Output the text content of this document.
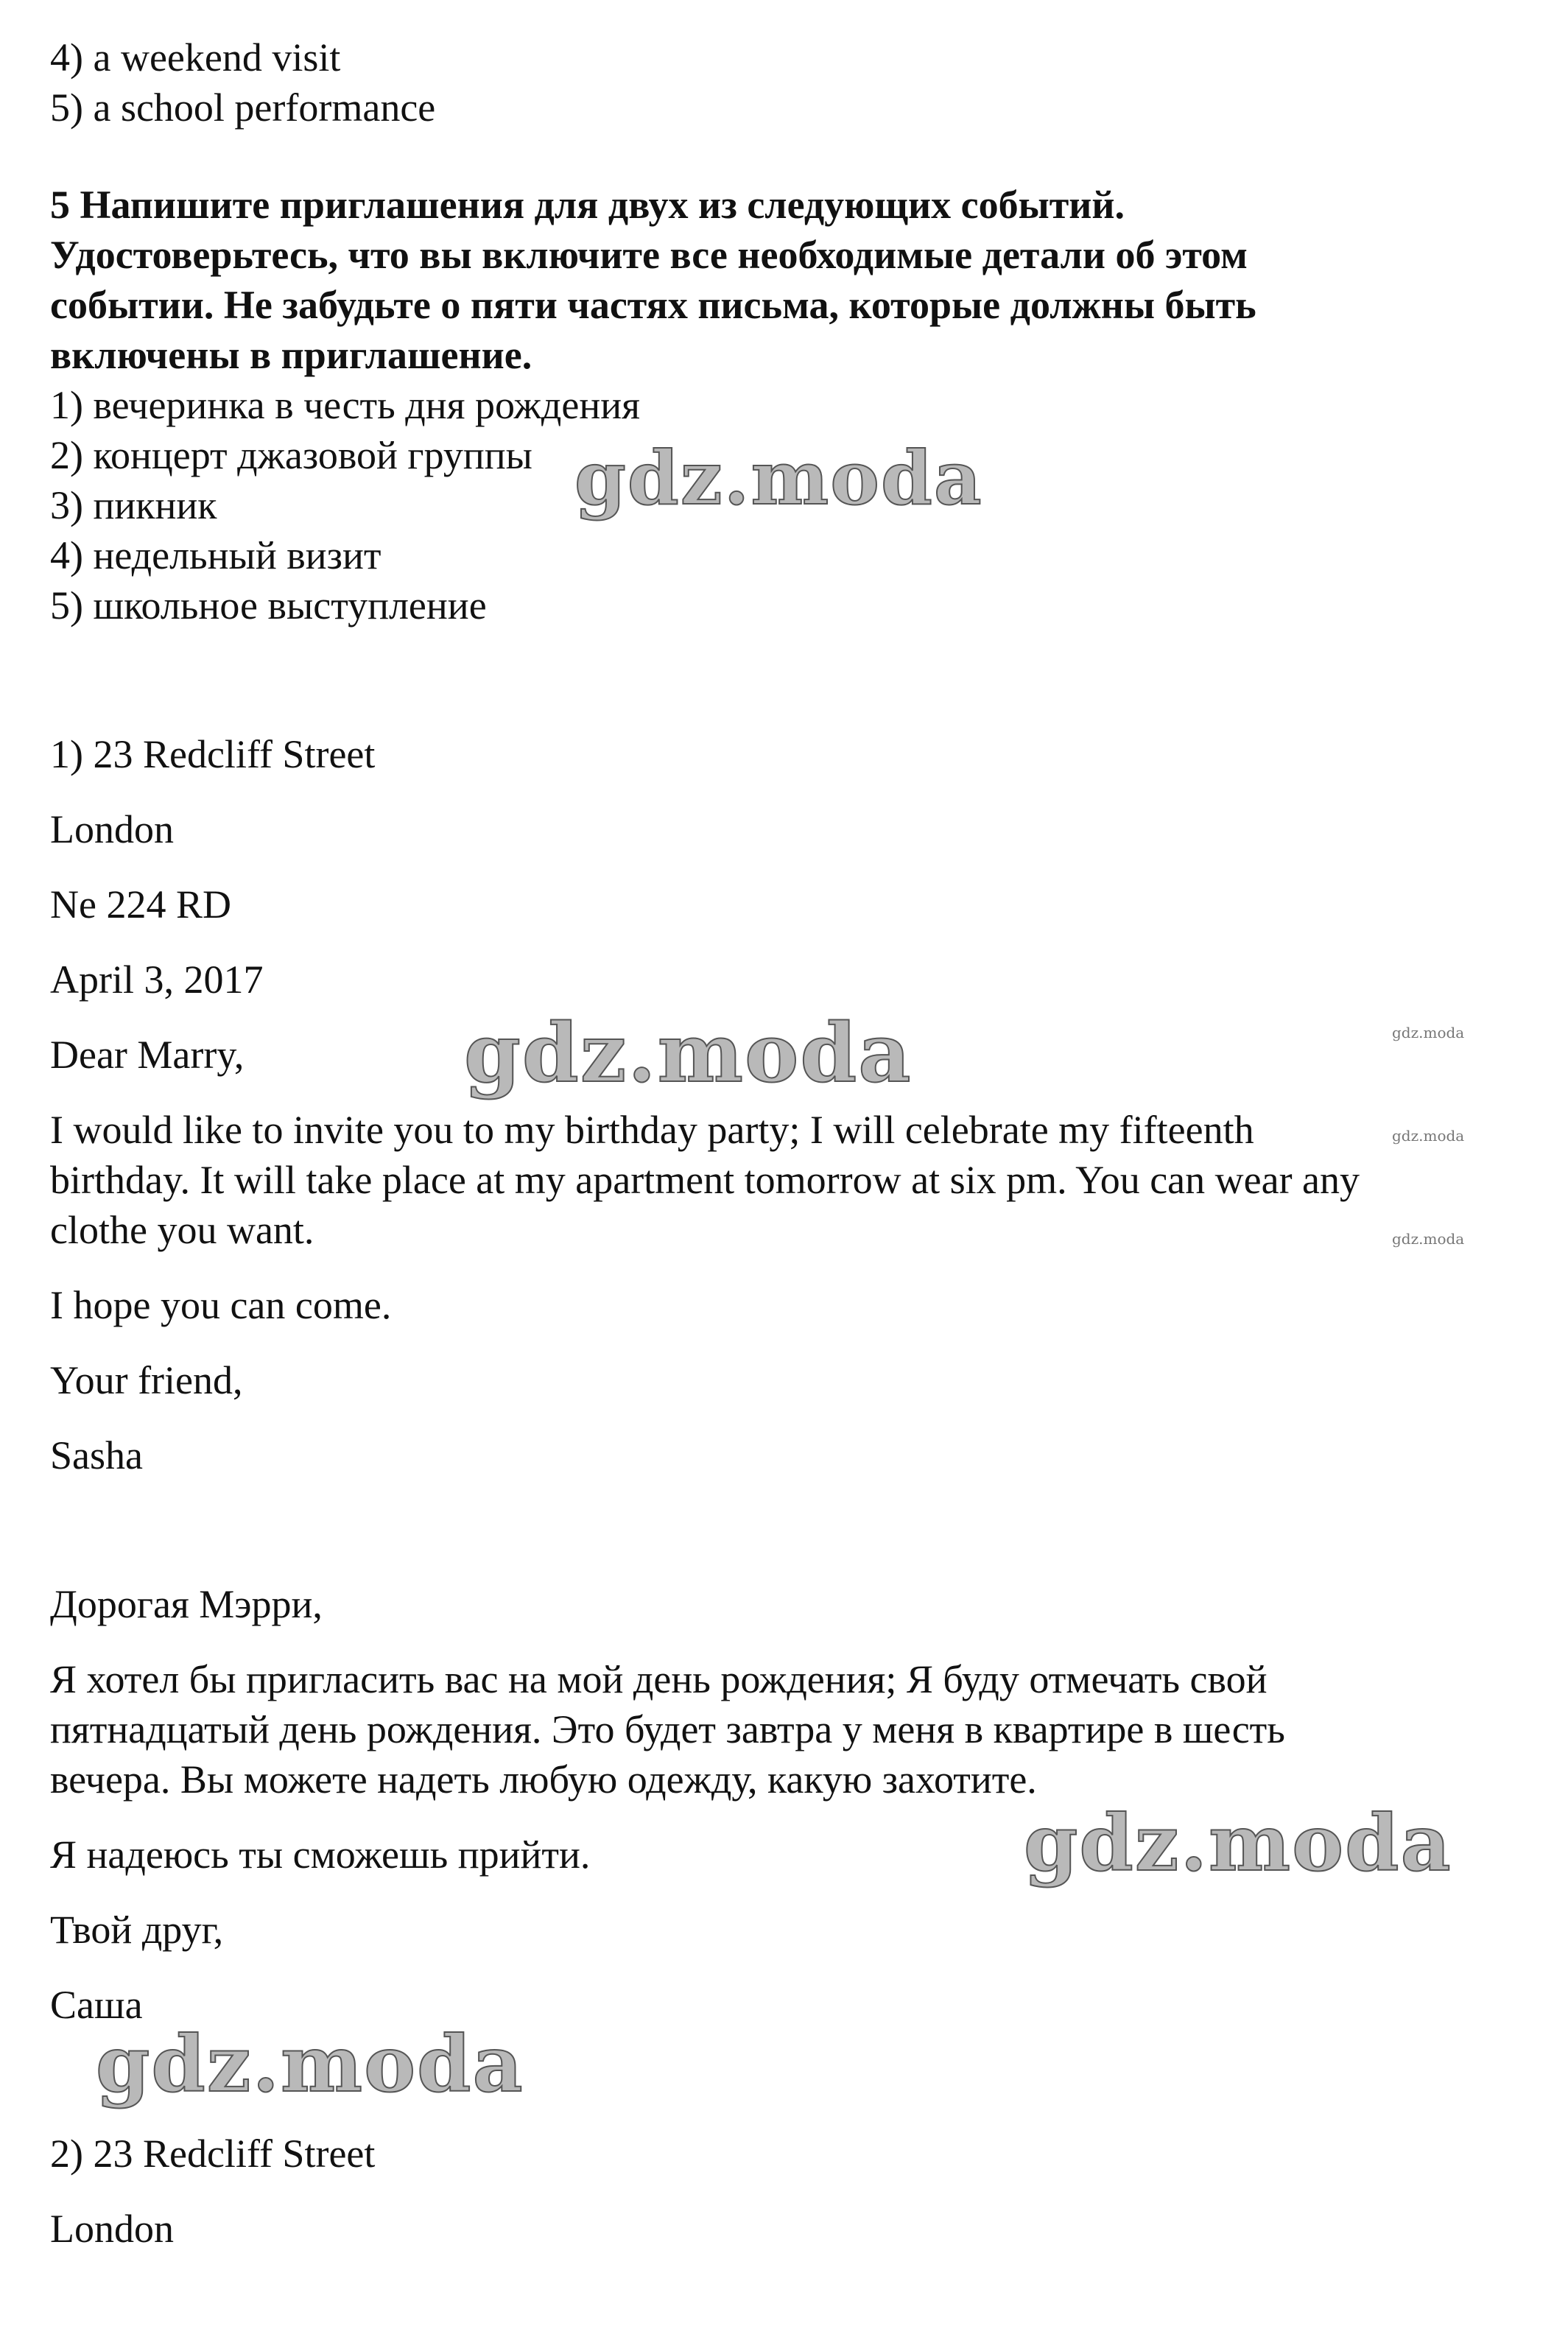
4) a weekend visit
5) a school performance
5 Напишите приглашения для двух из следующих событий.
Удостоверьтесь, что вы включите все необходимые детали об этом
событии. Не забудьте о пяти частях письма, которые должны быть
включены в приглашение.
1) вечеринка в честь дня рождения
2) концерт джазовой группы
3) пикник
4) недельный визит
5) школьное выступление
1) 23 Redcliff Street
London
Ne 224 RD
April 3, 2017
Dear Marry,
I would like to invite you to my birthday party; I will celebrate my fifteenth
birthday. It will take place at my apartment tomorrow at six pm. You can wear any
clothe you want.
I hope you can come.
Your friend,
Sasha
Дорогая Мэрри,
Я хотел бы пригласить вас на мой день рождения; Я буду отмечать свой
пятнадцатый день рождения. Это будет завтра у меня в квартире в шесть
вечера. Вы можете надеть любую одежду, какую захотите.
Я надеюсь ты сможешь прийти.
Твой друг,
Саша
2) 23 Redcliff Street
London
gdz.moda
gdz.moda
gdz.moda
gdz.moda
gdz.moda
gdz.moda
gdz.moda
